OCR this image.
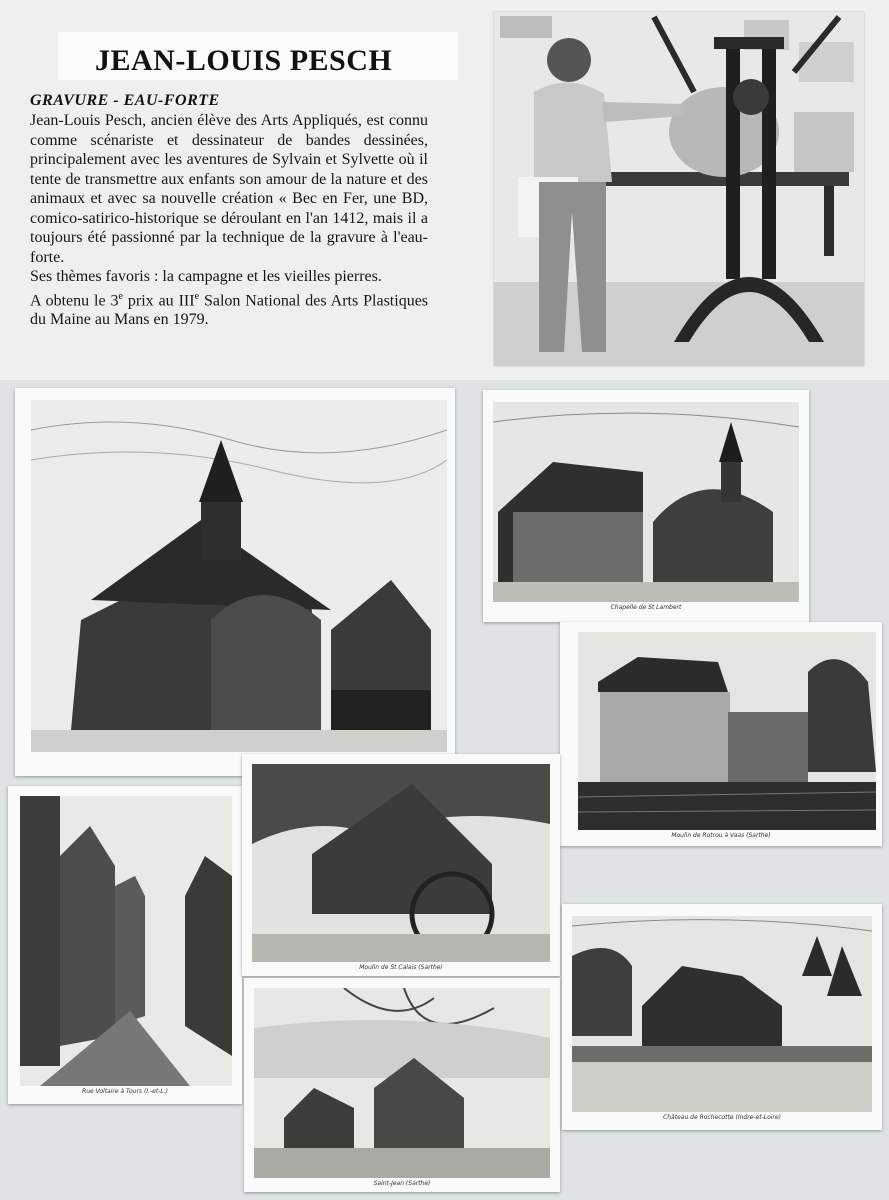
JEAN-LOUIS PESCH
GRAVURE - EAU-FORTE

Jean-Louis Pesch, ancien élève des Arts Appliqués, est connu comme scénariste et dessinateur de bandes dessinées, principalement avec les aventures de Sylvain et Sylvette où il tente de transmettre aux enfants son amour de la nature et des animaux et avec sa nouvelle création « Bec en Fer, une BD, comico-satirico-historique se déroulant en l'an 1412, mais il a toujours été passionné par la technique de la gravure à l'eau-forte.

Ses thèmes favoris : la campagne et les vieilles pierres.

A obtenu le 3e prix au IIIe Salon National des Arts Plastiques du Maine au Mans en 1979.

Chapelle de St Lambert
Moulin de Rotrou à Vaas (Sarthe)
Rue Voltaire à Tours (I.-et-L.)
Moulin de St Calais (Sarthe)
Saint-Jean (Sarthe)
Château de Rochecotte (Indre-et-Loire)
